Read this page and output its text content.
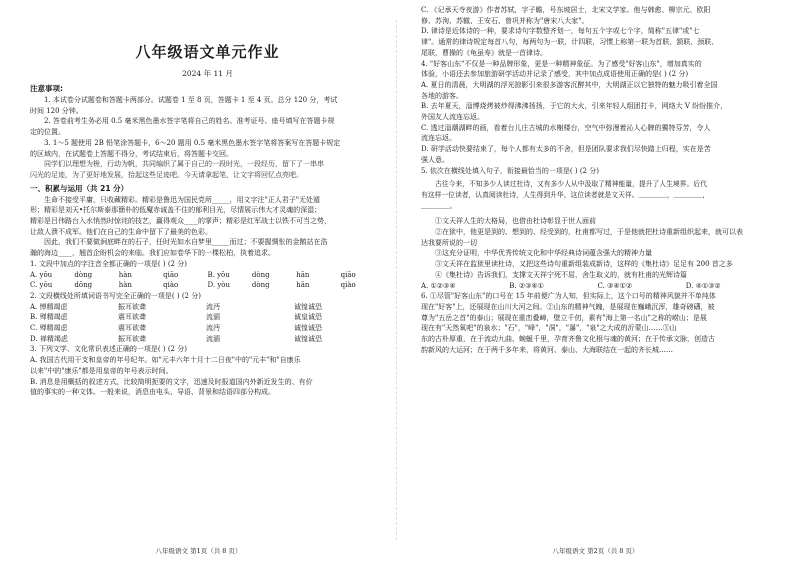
八年级语文单元作业
2024 年 11 月
注意事项:
1. 本试卷分试题卷和答题卡两部分。试题卷 1 至 8 页，答题卡 1 至 4 页。总分 120 分，考试
时间 120 分钟。
2. 答卷前考生务必用 0.5 毫米黑色墨水签字笔将自己的姓名、准考证号、座号填写在答题卡规
定的位置。
3. 1～5 题使用 2B 铅笔涂答题卡，6～20 题用 0.5 毫米黑色墨水签字笔将答案写在答题卡规定
的区域内，在试题卷上答题不得分，考试结束后，将答题卡交回。
同学们以理想为桅，行动为帆，共同编织了属于自己的一段时光，一段经历，留下了一串串
闪光的足迹，为了更好地发展，拾起这些足迹吧。今天请拿起笔，让文字将回忆点亮吧。
一、积累与运用（共 21 分）
生命不接受平庸，只收藏精彩。精彩是鲁迅为国民党所_____，用文字注"正人君子"无处遁
形；精彩是刘天•托尔斯泰那簡朴的低魔赤诚盖不住的郁利目光，尽情展示伟大才灵魂的深湿；
精彩是吕伟路台入水悄然时惊诧的技艺，赢得观众____的掌声；精彩是红军战士以铁不可当之势，
让敌人溃不成军。他们在自己的生命中留下了最美的色彩。
因此，我们不要做涧底畔在的石子，任时光如水自梦里_____而过；不要握惆怅的金鹅站在浩
瀚的海边____，翘首企盼机会的来临。我们应如卷华下的一棵松柏，执着追求。
1. 文段中加点的字注音全都正确的一项是( ) (2 分)
A. yōu	dòng	hàn	qiāo	B. yōu	dòng	hān	qiāo
C. yōu	dōng	hàn	qiào	D. yòu	dòng	hān	qiào
2. 文段横线处所填词语书写完全正确的一项是( ) (2 分)
A. 惮精竭虑	振耳欲聋	流沔	诚惶诚恐
B. 殚精竭虑	震耳欲聋	流湎	诚皇诚恐
C. 殚精竭虑	震耳欲聋	流沔	诚惶诚恐
D. 禅精竭虑	振耳欲聋	流湎	诚惶诚恐
3. 下列文学、文化常识表述正确的一项是( ) (2 分)
A. 我国古代用干支和皇帝的年号纪年。如"元丰六年十月十二日夜"中的"元丰"和"自康乐
以来"中的"康乐"都是用皇帝的年号表示时间。
B. 消息是用概括的叙述方式，比较简明扼要的文字，迅速及时报道国内外新近发生的、有价
值的事实的一种文体。一般来说，消息由电头、导语、背景和结语四部分构成。
八年级语文 第1页（共 8 页）
C. 《记承天寺夜游》作者苏轼，字子瞻，号东坡居士，北宋文学家。他与韩愈、柳宗元、欧阳
修、苏洵、苏辙、王安石、曾巩并称为"唐宋八大家"。
D. 律诗是近体诗的一种，要求诗句字数整齐划一，每句五个字或七个字，简称"五律"或"七
律"。通常的律诗规定每首八句，每两句为一联，计四联，习惯上称第一联为首联、颔联、颈联、
尾联，曹操的《龟虽寿》就是一首律诗。
4. "好客山东"不仅是一种品牌形象，更是一种精神象征。为了感受"好客山东"，增加真实的
体验，小语还去参加旅游研学活动并记录了感受，其中加点成语使用正确的是( ) (2 分)
A. 夏日的清晨，大明湖的浮光掠影引来很多游客沉醉其中，大明湖正以它独特的魅力吸引着全国
各地的游客。
B. 去年夏天，淄博烧烤被炒得沸沸扬扬，于它的大火，引来年轻人组团打卡，网络大 V 纷纷推介，
外国友人流连忘返。
C. 透过淄潮湖畔的画，看着台儿庄古城的水榭楼台，空气中弥漫着沁人心脾的獨特芬芳，令人
流连忘返。
D. 研学活动快要结束了，每个人都有太多的不舍，但是团队要求我们尽快踏上归程，实在是苦
强人意。
5. 依次在横线处填入句子，衔接最恰当的一项是( ) (2 分)
古往今来，不知多少人读过杜诗，又有多少人从中汲取了精神能量，提升了人生境界。后代
有这样一位读者，认真阅读杜诗，人生得到升华，这位读者就是文天祥。_______，_______，
_______。
①文天祥人生的大格局，也借由杜诗彰显于世人面前
②在狱中，他更是到的、想到的、经受到的，杜甫都写过，于是他就把杜诗重新组织起来，就可以表
达我要所说的一切
③这充分证明，中华优秀传统文化和中华经典诗词蕴含强大的精神力量
③文天祥在监狱里读杜诗，又把这些诗句重新组装成新诗，这样的《集杜诗》足足有 200 首之多
④《集杜诗》告诉我们，支撑文天祥宁死不屈，舍生取义的，就有杜甫的光辉诗篇
A. ①②③④	B. ②③④①	C. ③④①②	D. ④①③②
6. ①尽管"好客山东"的口号在 15 年前便广为人知，但实际上，这个口号的精神风貌并不单纯体
现在"好客"上，还展现在山川大河之间。②山东的精神气魄，是展现在巍峨沉浑，雄奇磅礴，被
尊为"五岳之首"的泰山；展现在重峦叠嶂，壁立千仞，素有"海上第一名山"之称的崂山；是展
现在有"天然氧吧"的泉水；"石"，"峰"，"洞"，"瀑"，"泉"之大成的沂蒙山……③山
东的古朴厚重，在于流动九曲、蜿蜒千里，孕育齐鲁文化根与魂的黄河；在于传承文脉，创造古
韵新风的大运河；在于两千多年来，将黄河、泰山、大海联结在一起的齐长城……
八年级语文 第2页（共 8 页）
